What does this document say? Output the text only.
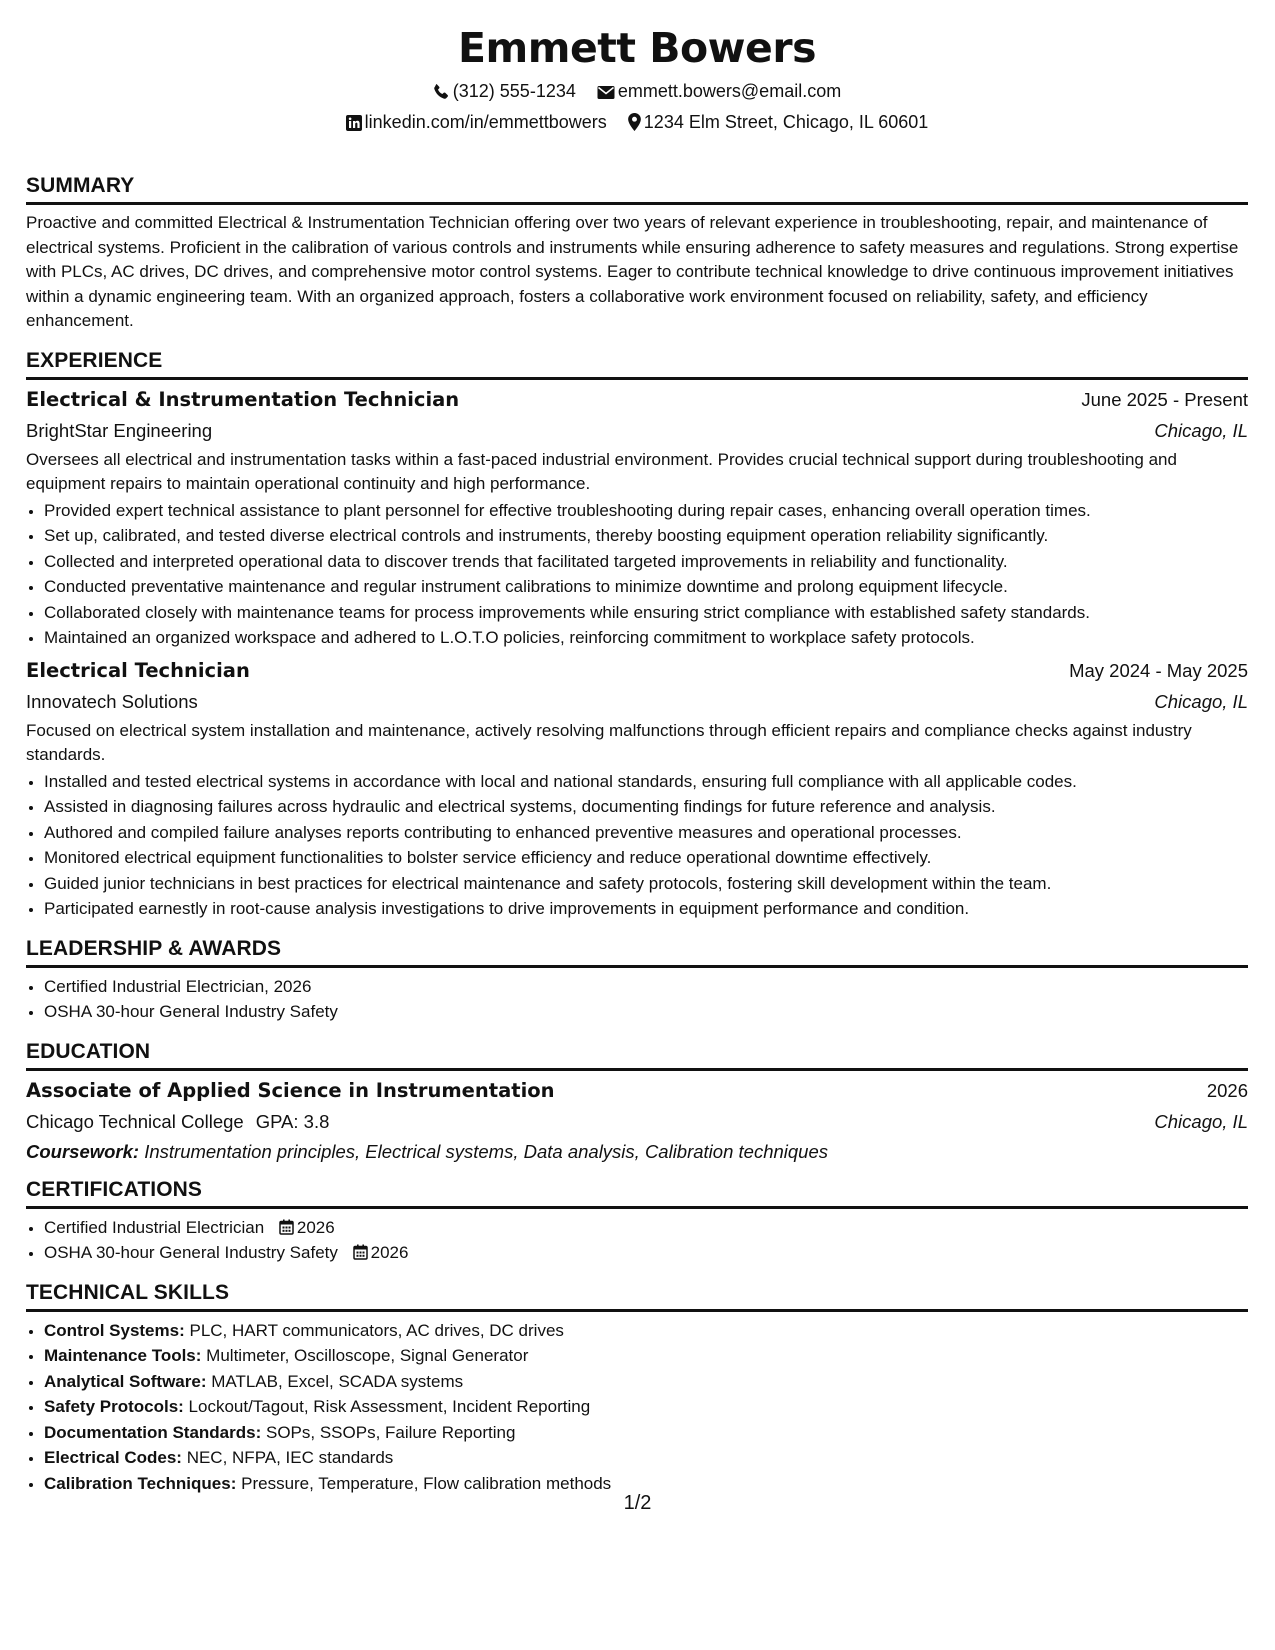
Emmett Bowers
(312) 555-1234 emmett.bowers@email.com
linkedin.com/in/emmettbowers 1234 Elm Street, Chicago, IL 60601
SUMMARY

Proactive and committed Electrical & Instrumentation Technician offering over two years of relevant experience in troubleshooting, repair, and maintenance of electrical systems. Proficient in the calibration of various controls and instruments while ensuring adherence to safety measures and regulations. Strong expertise with PLCs, AC drives, DC drives, and comprehensive motor control systems. Eager to contribute technical knowledge to drive continuous improvement initiatives within a dynamic engineering team. With an organized approach, fosters a collaborative work environment focused on reliability, safety, and efficiency enhancement.

EXPERIENCE
Electrical & Instrumentation Technician	June 2025 - Present
BrightStar Engineering	Chicago, IL

Oversees all electrical and instrumentation tasks within a fast-paced industrial environment. Provides crucial technical support during troubleshooting and equipment repairs to maintain operational continuity and high performance.

• Provided expert technical assistance to plant personnel for effective troubleshooting during repair cases, enhancing overall operation times.
• Set up, calibrated, and tested diverse electrical controls and instruments, thereby boosting equipment operation reliability significantly.
• Collected and interpreted operational data to discover trends that facilitated targeted improvements in reliability and functionality.
• Conducted preventative maintenance and regular instrument calibrations to minimize downtime and prolong equipment lifecycle.
• Collaborated closely with maintenance teams for process improvements while ensuring strict compliance with established safety standards.
• Maintained an organized workspace and adhered to L.O.T.O policies, reinforcing commitment to workplace safety protocols.
Electrical Technician	May 2024 - May 2025
Innovatech Solutions	Chicago, IL

Focused on electrical system installation and maintenance, actively resolving malfunctions through efficient repairs and compliance checks against industry standards.

• Installed and tested electrical systems in accordance with local and national standards, ensuring full compliance with all applicable codes.
• Assisted in diagnosing failures across hydraulic and electrical systems, documenting findings for future reference and analysis.
• Authored and compiled failure analyses reports contributing to enhanced preventive measures and operational processes.
• Monitored electrical equipment functionalities to bolster service efficiency and reduce operational downtime effectively.
• Guided junior technicians in best practices for electrical maintenance and safety protocols, fostering skill development within the team.
• Participated earnestly in root-cause analysis investigations to drive improvements in equipment performance and condition.
LEADERSHIP & AWARDS
• Certified Industrial Electrician, 2026
• OSHA 30-hour General Industry Safety
EDUCATION
Associate of Applied Science in Instrumentation	2026
Chicago Technical College GPA: 3.8	Chicago, IL
Coursework: Instrumentation principles, Electrical systems, Data analysis, Calibration techniques
CERTIFICATIONS
• Certified Industrial Electrician 2026
• OSHA 30-hour General Industry Safety 2026
TECHNICAL SKILLS
• Control Systems: PLC, HART communicators, AC drives, DC drives
• Maintenance Tools: Multimeter, Oscilloscope, Signal Generator
• Analytical Software: MATLAB, Excel, SCADA systems
• Safety Protocols: Lockout/Tagout, Risk Assessment, Incident Reporting
• Documentation Standards: SOPs, SSOPs, Failure Reporting
• Electrical Codes: NEC, NFPA, IEC standards
• Calibration Techniques: Pressure, Temperature, Flow calibration methods
1/2
